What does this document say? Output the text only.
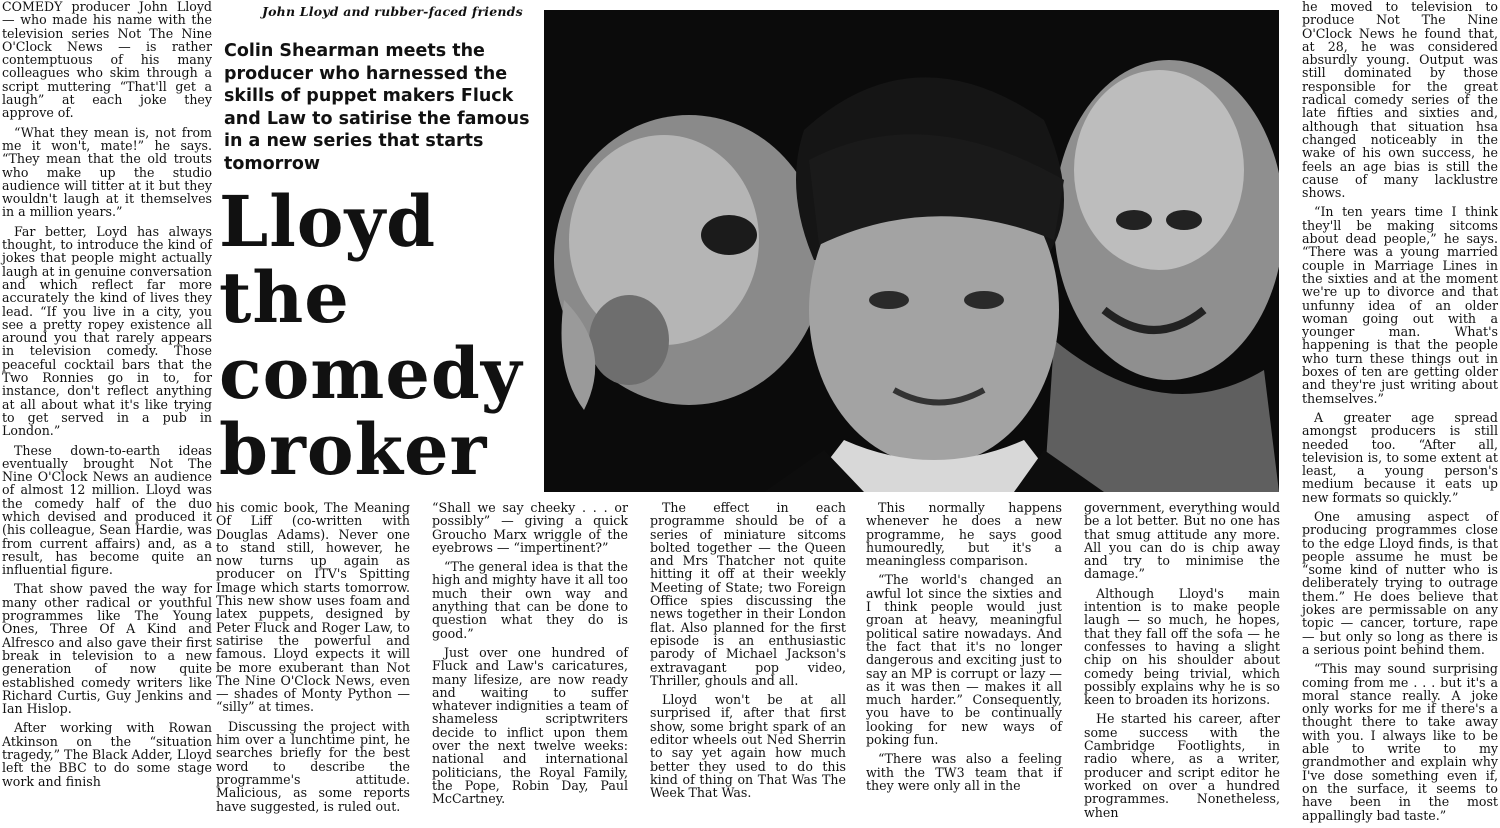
John Lloyd and rubber-faced friends
Colin Shearman meets the producer who harnessed the skills of puppet makers Fluck and Law to satirise the famous in a new series that starts tomorrow
Lloyd
the
comedy
broker

COMEDY producer John Lloyd — who made his name with the television series Not The Nine O'Clock News — is rather contemptuous of his many colleagues who skim through a script muttering “That'll get a laugh” at each joke they approve of.

“What they mean is, not from me it won't, mate!” he says. “They mean that the old trouts who make up the studio audience will titter at it but they wouldn't laugh at it themselves in a million years.”

Far better, Loyd has always thought, to introduce the kind of jokes that people might actually laugh at in genuine conversation and which reflect far more accurately the kind of lives they lead. “If you live in a city, you see a pretty ropey existence all around you that rarely appears in television comedy. Those peaceful cocktail bars that the Two Ronnies go in to, for instance, don't reflect anything at all about what it's like trying to get served in a pub in London.”

These down-to-earth ideas eventually brought Not The Nine O'Clock News an audience of almost 12 million. Lloyd was the comedy half of the duo which devised and produced it (his colleague, Sean Hardie, was from current affairs) and, as a result, has become quite an influential figure.

That show paved the way for many other radical or youthful programmes like The Young Ones, Three Of A Kind and Alfresco and also gave their first break in television to a new generation of now quite established comedy writers like Richard Curtis, Guy Jenkins and Ian Hislop.

After working with Rowan Atkinson on the “situation tragedy,” The Black Adder, Lloyd left the BBC to do some stage work and finish

his comic book, The Meaning Of Liff (co-written with Douglas Adams). Never one to stand still, however, he now turns up again as producer on ITV's Spitting Image which starts tomorrow. This new show uses foam and latex puppets, designed by Peter Fluck and Roger Law, to satirise the powerful and famous. Lloyd expects it will be more exuberant than Not The Nine O'Clock News, even — shades of Monty Python — “silly” at times.

Discussing the project with him over a lunchtime pint, he searches briefly for the best word to describe the programme's attitude. Malicious, as some reports have suggested, is ruled out.

“Shall we say cheeky . . . or possibly” — giving a quick Groucho Marx wriggle of the eyebrows — “impertinent?”

“The general idea is that the high and mighty have it all too much their own way and anything that can be done to question what they do is good.”

Just over one hundred of Fluck and Law's caricatures, many lifesize, are now ready and waiting to suffer whatever indignities a team of shameless scriptwriters decide to inflict upon them over the next twelve weeks: national and international politicians, the Royal Family, the Pope, Robin Day, Paul McCartney.

The effect in each programme should be of a series of miniature sitcoms bolted together — the Queen and Mrs Thatcher not quite hitting it off at their weekly Meeting of State; two Foreign Office spies discussing the news together in their London flat. Also planned for the first episode is an enthusiastic parody of Michael Jackson's extravagant pop video, Thriller, ghouls and all.

Lloyd won't be at all surprised if, after that first show, some bright spark of an editor wheels out Ned Sherrin to say yet again how much better they used to do this kind of thing on That Was The Week That Was.

This normally happens whenever he does a new programme, he says good humouredly, but it's a meaningless comparison.

“The world's changed an awful lot since the sixties and I think people would just groan at heavy, meaningful political satire nowadays. And the fact that it's no longer dangerous and exciting just to say an MP is corrupt or lazy — as it was then — makes it all much harder.” Consequently, you have to be continually looking for new ways of poking fun.

“There was also a feeling with the TW3 team that if they were only all in the

government, everything would be a lot better. But no one has that smug attitude any more. All you can do is chip away and try to minimise the damage.”

Although Lloyd's main intention is to make people laugh — so much, he hopes, that they fall off the sofa — he confesses to having a slight chip on his shoulder about comedy being trivial, which possibly explains why he is so keen to broaden its horizons.

He started his career, after some success with the Cambridge Footlights, in radio where, as a writer, producer and script editor he worked on over a hundred programmes. Nonetheless, when

he moved to television to produce Not The Nine O'Clock News he found that, at 28, he was considered absurdly young. Output was still dominated by those responsible for the great radical comedy series of the late fifties and sixties and, although that situation hsa changed noticeably in the wake of his own success, he feels an age bias is still the cause of many lacklustre shows.

“In ten years time I think they'll be making sitcoms about dead people,” he says. “There was a young married couple in Marriage Lines in the sixties and at the moment we're up to divorce and that unfunny idea of an older woman going out with a younger man. What's happening is that the people who turn these things out in boxes of ten are getting older and they're just writing about themselves.”

A greater age spread amongst producers is still needed too. “After all, television is, to some extent at least, a young person's medium because it eats up new formats so quickly.”

One amusing aspect of producing programmes close to the edge Lloyd finds, is that people assume he must be “some kind of nutter who is deliberately trying to outrage them.” He does believe that jokes are permissable on any topic — cancer, torture, rape — but only so long as there is a serious point behind them.

“This may sound surprising coming from me . . . but it's a moral stance really. A joke only works for me if there's a thought there to take away with you. I always like to be able to write to my grandmother and explain why I've dose something even if, on the surface, it seems to have been in the most appallingly bad taste.”
